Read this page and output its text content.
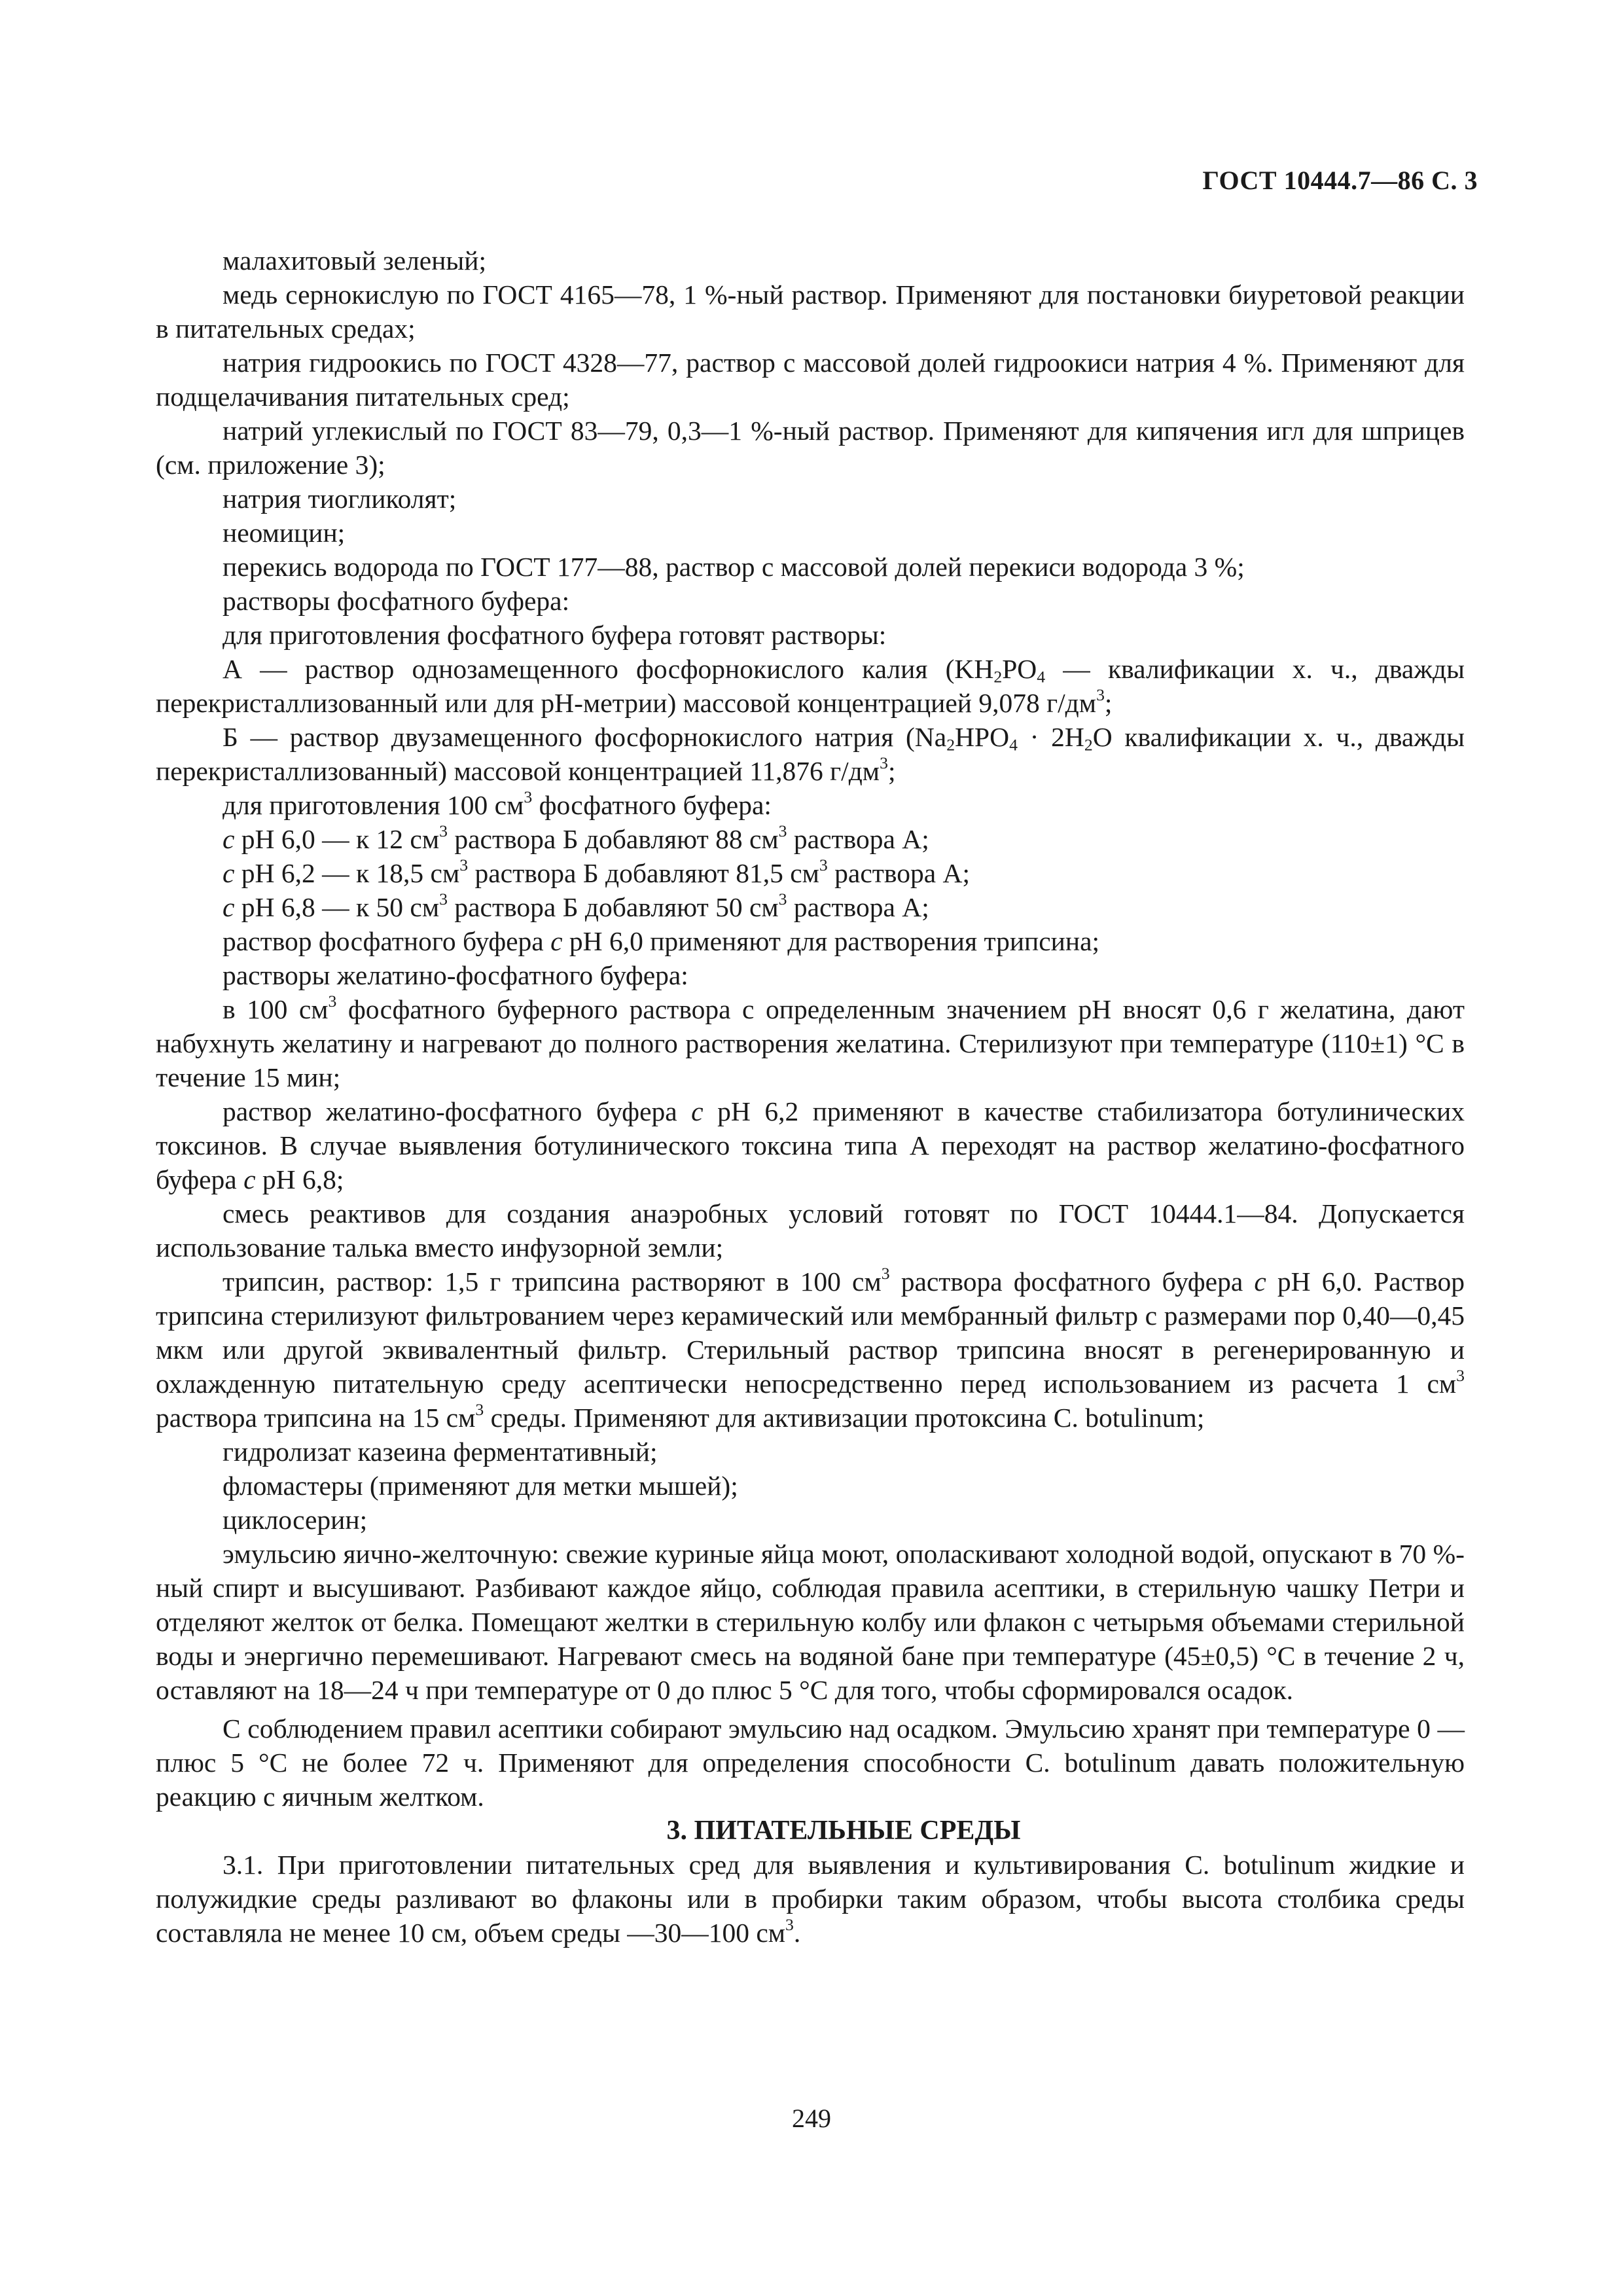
ГОСТ 10444.7—86 С. 3

малахитовый зеленый;

медь сернокислую по ГОСТ 4165—78, 1 %-ный раствор. Применяют для постановки биуретовой реакции в питательных средах;

натрия гидроокись по ГОСТ 4328—77, раствор с массовой долей гидроокиси натрия 4 %. Применяют для подщелачивания питательных сред;

натрий углекислый по ГОСТ 83—79, 0,3—1 %-ный раствор. Применяют для кипячения игл для шприцев (см. приложение 3);

натрия тиогликолят;

неомицин;

перекись водорода по ГОСТ 177—88, раствор с массовой долей перекиси водорода 3 %;

растворы фосфатного буфера:

для приготовления фосфатного буфера готовят растворы:

А — раствор однозамещенного фосфорнокислого калия ($KH_2PO_4$ — квалификации х. ч., дважды перекристаллизованный или для pH-метрии) массовой концентрацией 9,078 $г/дм^3$;

Б — раствор двузамещенного фосфорнокислого натрия ($Na_2HPO_4 \cdot 2H_2O$ квалификации х. ч., дважды перекристаллизованный) массовой концентрацией 11,876 $г/дм^3$;

для приготовления 100 $см^3$ фосфатного буфера:

с pH 6,0 — к 12 $см^3$ раствора Б добавляют 88 $см^3$ раствора А;

с pH 6,2 — к 18,5 $см^3$ раствора Б добавляют 81,5 $см^3$ раствора А;

с pH 6,8 — к 50 $см^3$ раствора Б добавляют 50 $см^3$ раствора А;

раствор фосфатного буфера с pH 6,0 применяют для растворения трипсина;

растворы желатино-фосфатного буфера:

в 100 $см^3$ фосфатного буферного раствора с определенным значением pH вносят 0,6 г желатина, дают набухнуть желатину и нагревают до полного растворения желатина. Стерилизуют при температуре (110±1) °С в течение 15 мин;

раствор желатино-фосфатного буфера с pH 6,2 применяют в качестве стабилизатора ботулинических токсинов. В случае выявления ботулинического токсина типа А переходят на раствор желатино-фосфатного буфера с pH 6,8;

смесь реактивов для создания анаэробных условий готовят по ГОСТ 10444.1—84. Допускается использование талька вместо инфузорной земли;

трипсин, раствор: 1,5 г трипсина растворяют в 100 $см^3$ раствора фосфатного буфера с pH 6,0. Раствор трипсина стерилизуют фильтрованием через керамический или мембранный фильтр с размерами пор 0,40—0,45 мкм или другой эквивалентный фильтр. Стерильный раствор трипсина вносят в регенерированную и охлажденную питательную среду асептически непосредственно перед использованием из расчета 1 $см^3$ раствора трипсина на 15 $см^3$ среды. Применяют для активизации протоксина C. botulinum;

гидролизат казеина ферментативный;

фломастеры (применяют для метки мышей);

циклосерин;

эмульсию яично-желточную: свежие куриные яйца моют, ополаскивают холодной водой, опускают в 70 %-ный спирт и высушивают. Разбивают каждое яйцо, соблюдая правила асептики, в стерильную чашку Петри и отделяют желток от белка. Помещают желтки в стерильную колбу или флакон с четырьмя объемами стерильной воды и энергично перемешивают. Нагревают смесь на водяной бане при температуре (45±0,5) °С в течение 2 ч, оставляют на 18—24 ч при температуре от 0 до плюс 5 °С для того, чтобы сформировался осадок.

С соблюдением правил асептики собирают эмульсию над осадком. Эмульсию хранят при температуре 0 — плюс 5 °С не более 72 ч. Применяют для определения способности C. botulinum давать положительную реакцию с яичным желтком.

3. ПИТАТЕЛЬНЫЕ СРЕДЫ

3.1. При приготовлении питательных сред для выявления и культивирования C. botulinum жидкие и полужидкие среды разливают во флаконы или в пробирки таким образом, чтобы высота столбика среды составляла не менее 10 см, объем среды —30—100 $см^3$.

249
